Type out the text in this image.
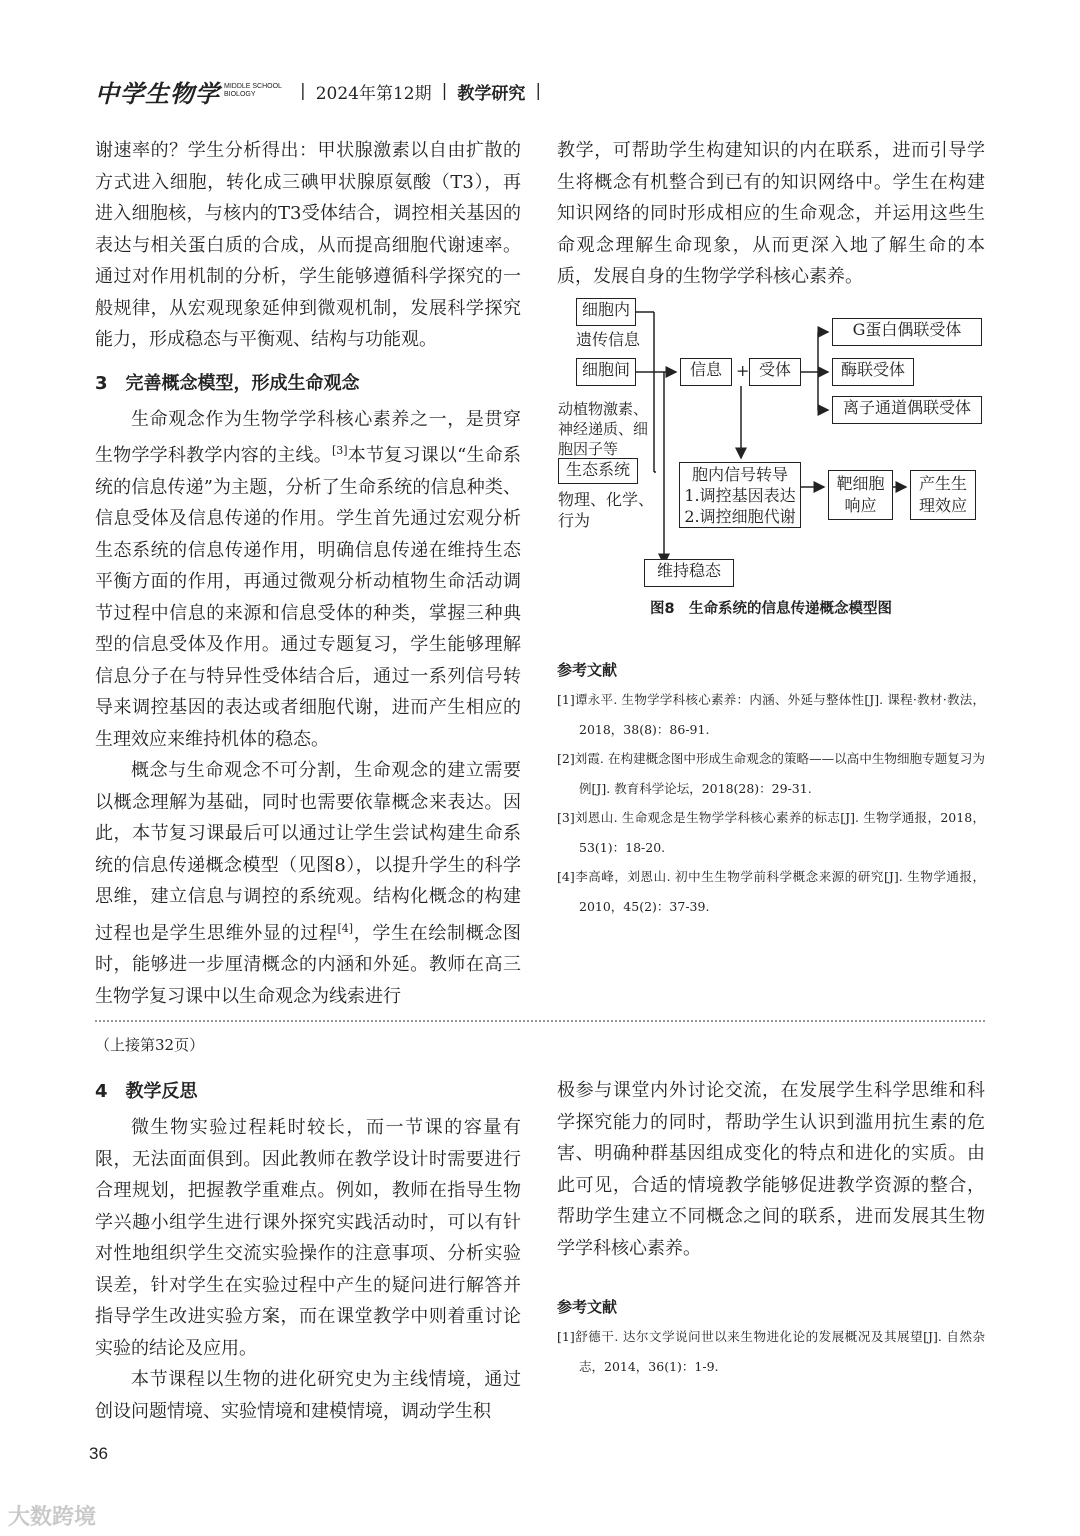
中学生物学 MIDDLE SCHOOL
BIOLOGY	| 2024年第12期 | 教学研究 |

谢速率的？学生分析得出：甲状腺激素以自由扩散的方式进入细胞，转化成三碘甲状腺原氨酸（T3），再进入细胞核，与核内的T3受体结合，调控相关基因的表达与相关蛋白质的合成，从而提高细胞代谢速率。通过对作用机制的分析，学生能够遵循科学探究的一般规律，从宏观现象延伸到微观机制，发展科学探究能力，形成稳态与平衡观、结构与功能观。

3　完善概念模型，形成生命观念

生命观念作为生物学学科核心素养之一，是贯穿生物学学科教学内容的主线。[3]本节复习课以“生命系统的信息传递”为主题，分析了生命系统的信息种类、信息受体及信息传递的作用。学生首先通过宏观分析生态系统的信息传递作用，明确信息传递在维持生态平衡方面的作用，再通过微观分析动植物生命活动调节过程中信息的来源和信息受体的种类，掌握三种典型的信息受体及作用。通过专题复习，学生能够理解信息分子在与特异性受体结合后，通过一系列信号转导来调控基因的表达或者细胞代谢，进而产生相应的生理效应来维持机体的稳态。

概念与生命观念不可分割，生命观念的建立需要以概念理解为基础，同时也需要依靠概念来表达。因此，本节复习课最后可以通过让学生尝试构建生命系统的信息传递概念模型（见图8），以提升学生的科学思维，建立信息与调控的系统观。结构化概念的构建过程也是学生思维外显的过程[4]，学生在绘制概念图时，能够进一步厘清概念的内涵和外延。教师在高三生物学复习课中以生命观念为线索进行

教学，可帮助学生构建知识的内在联系，进而引导学生将概念有机整合到已有的知识网络中。学生在构建知识网络的同时形成相应的生命观念，并运用这些生命观念理解生命现象，从而更深入地了解生命的本质，发展自身的生物学学科核心素养。

细胞内
遗传信息
细胞间
动植物激素、神经递质、细胞因子等
生态系统
物理、化学、行为
信息 + 受体
G蛋白偶联受体
酶联受体
离子通道偶联受体
胞内信号转导
1.调控基因表达
2.调控细胞代谢
靶细胞响应
产生生理效应
维持稳态
图8　生命系统的信息传递概念模型图
参考文献

[1]谭永平. 生物学学科核心素养：内涵、外延与整体性[J]. 课程·教材·教法，2018，38(8)：86-91.

[2]刘霞. 在构建概念图中形成生命观念的策略——以高中生物细胞专题复习为例[J]. 教育科学论坛，2018(28)：29-31.

[3]刘恩山. 生命观念是生物学学科核心素养的标志[J]. 生物学通报，2018，53(1)：18-20.

[4]李高峰，刘恩山. 初中生生物学前科学概念来源的研究[J]. 生物学通报，2010，45(2)：37-39.

（上接第32页）
4　教学反思

微生物实验过程耗时较长，而一节课的容量有限，无法面面俱到。因此教师在教学设计时需要进行合理规划，把握教学重难点。例如，教师在指导生物学兴趣小组学生进行课外探究实践活动时，可以有针对性地组织学生交流实验操作的注意事项、分析实验误差，针对学生在实验过程中产生的疑问进行解答并指导学生改进实验方案，而在课堂教学中则着重讨论实验的结论及应用。

本节课程以生物的进化研究史为主线情境，通过创设问题情境、实验情境和建模情境，调动学生积

极参与课堂内外讨论交流，在发展学生科学思维和科学探究能力的同时，帮助学生认识到滥用抗生素的危害、明确种群基因组成变化的特点和进化的实质。由此可见，合适的情境教学能够促进教学资源的整合，帮助学生建立不同概念之间的联系，进而发展其生物学学科核心素养。

参考文献

[1]舒德干. 达尔文学说问世以来生物进化论的发展概况及其展望[J]. 自然杂志，2014，36(1)：1-9.

36
大数跨境
